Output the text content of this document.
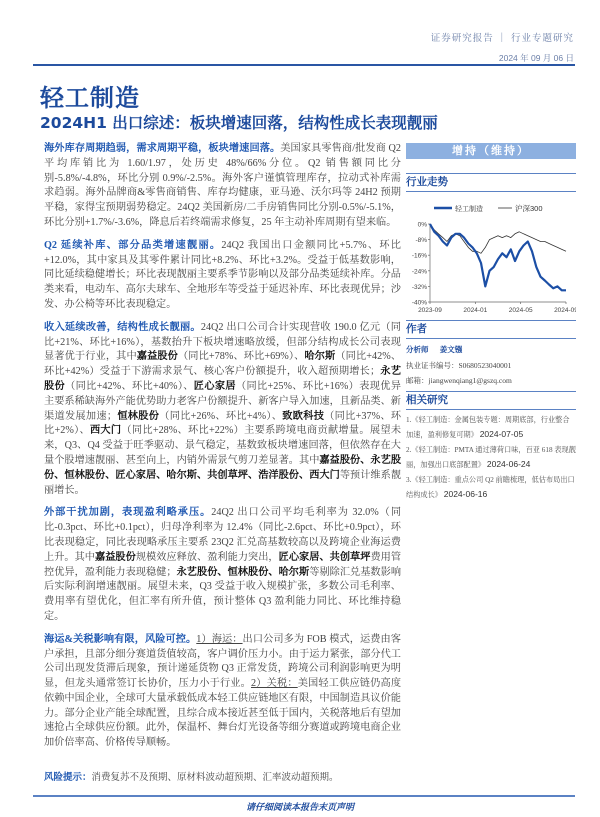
证券研究报告 ｜ 行业专题研究
2024 年 09 月 06 日
轻工制造
2024H1 出口综述：板块增速回落，结构性成长表现靓丽

海外库存周期趋弱，需求周期平稳，板块增速回落。美国家具零售商/批发商 Q2 平均库销比为 1.60/1.97，处历史 48%/66%分位。Q2 销售额同比分别-5.8%/-4.8%，环比分别 0.9%/-2.5%。海外客户谨慎管理库存，拉动式补库需求趋弱。海外品牌商&零售商销售、库存均健康，亚马逊、沃尔玛等 24H2 预期平稳，家得宝预期弱势稳定。24Q2 美国新房/二手房销售同比分别-0.5%/-5.1%，环比分别+1.7%/-3.6%，降息后若终端需求修复，25 年主动补库周期有望来临。

Q2 延续补库、部分品类增速靓丽。24Q2 我国出口金额同比+5.7%、环比+12.0%，其中家具及其零件累计同比+8.2%、环比+3.2%。受益于低基数影响，同比延续稳健增长；环比表现靓丽主要系季节影响以及部分品类延续补库。分品类来看，电动车、高尔夫球车、全地形车等受益于延迟补库、环比表现优异；沙发、办公椅等环比表现稳定。

收入延续改善，结构性成长靓丽。24Q2 出口公司合计实现营收 190.0 亿元（同比+21%、环比+16%），基数抬升下板块增速略放缓，但部分结构成长公司表现显著优于行业，其中嘉益股份（同比+78%、环比+69%）、哈尔斯（同比+42%、环比+42%）受益于下游需求景气、核心客户份额提升，收入超预期增长；永艺股份（同比+42%、环比+40%）、匠心家居（同比+25%、环比+16%）表现优异主要系稀缺海外产能优势助力老客户份额提升、新客户导入加速，且新品类、新渠道发展加速；恒林股份（同比+26%、环比+4%）、致欧科技（同比+37%、环比+2%）、西大门（同比+28%、环比+22%）主要系跨境电商贡献增量。展望未来，Q3、Q4 受益于旺季驱动、景气稳定，基数致板块增速回落，但依然存在大量个股增速靓丽、甚至向上，内销外需景气剪刀差显著。其中嘉益股份、永艺股份、恒林股份、匠心家居、哈尔斯、共创草坪、浩洋股份、西大门等预计维系靓丽增长。

外部干扰加剧，表现盈利略承压。24Q2 出口公司平均毛利率为 32.0%（同比-0.3pct、环比+0.1pct），归母净利率为 12.4%（同比-2.6pct、环比+0.9pct），环比表现稳定，同比表现略承压主要系 23Q2 汇兑高基数较高以及跨境企业海运费上升。其中嘉益股份规模效应释放、盈利能力突出，匠心家居、共创草坪费用管控优异，盈利能力表现稳健；永艺股份、恒林股份、哈尔斯等剔除汇兑基数影响后实际利润增速靓丽。展望未来，Q3 受益于收入规模扩张，多数公司毛利率、费用率有望优化，但汇率有所升值，预计整体 Q3 盈利能力同比、环比维持稳定。

海运&关税影响有限，风险可控。1）海运：出口公司多为 FOB 模式，运费由客户承担，且部分细分赛道货值较高，客户调价压力小。由于运力紧张，部分代工公司出现发货滞后现象，预计递延货物 Q3 正常发货，跨境公司利润影响更为明显，但龙头通常签订长协价，压力小于行业。2）关税：美国轻工供应链仍高度依赖中国企业，全球可大量承载低成本轻工供应链地区有限，中国制造具议价能力。部分企业产能全球配置，且综合成本接近甚至低于国内，关税落地后有望加速抢占全球供应份额。此外，保温杯、舞台灯光设备等细分赛道或跨境电商企业加价倍率高、价格传导顺畅。

风险提示：消费复苏不及预期、原材料波动超预期、汇率波动超预期。
请仔细阅读本报告末页声明
增持（维持）
行业走势
轻工制造	沪深300
0%
-8%
-16%
-24%
-32%
-40%
2023-09	2024-01	2024-05	2024-09
作者
分析师 姜文镪
执业证书编号：S0680523040001
邮箱：jiangwenqiang1@gszq.com
相关研究
1.《轻工制造：金属包装专题：周期底部，行业整合加速，盈利修复可期》 2024-07-05
2.《轻工制造：PMTA 通过薄荷口味，百亚 618 表现靓丽，加强出口底部配置》 2024-06-24
3.《轻工制造：重点公司 Q2 前瞻梳理，低估布局出口结构成长》 2024-06-16
